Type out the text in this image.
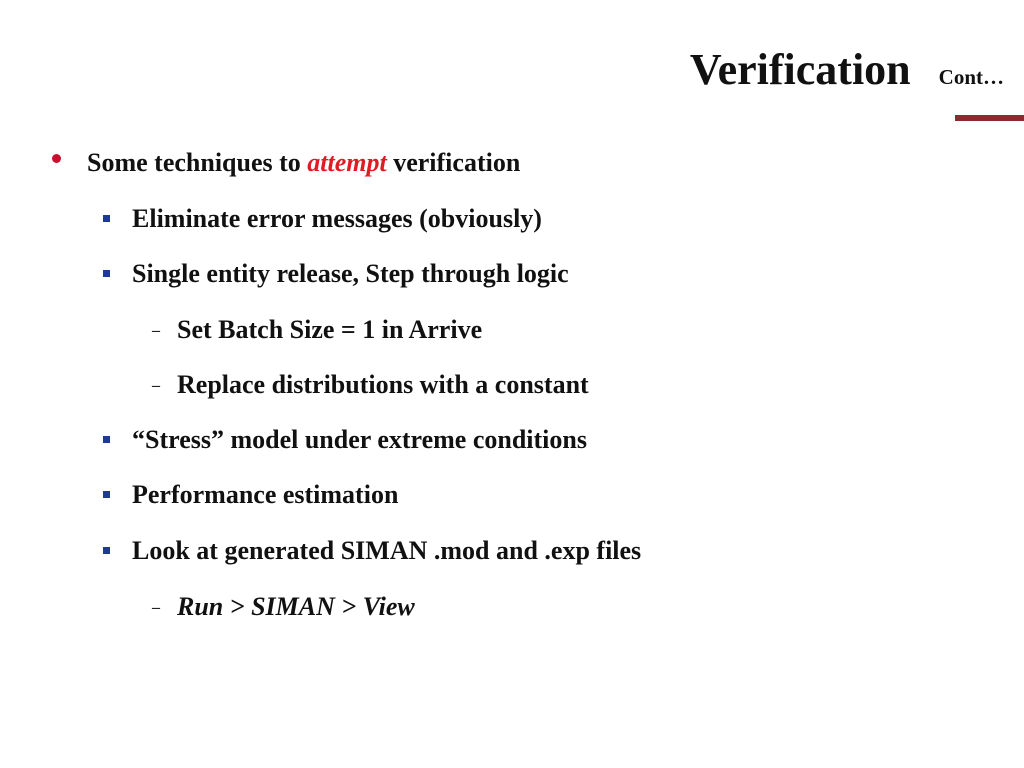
Verification Cont…
Some techniques to attempt verification
Eliminate error messages (obviously)
Single entity release, Step through logic
– Set Batch Size = 1 in Arrive
– Replace distributions with a constant
“Stress” model under extreme conditions
Performance estimation
Look at generated SIMAN .mod and .exp files
– Run > SIMAN > View
